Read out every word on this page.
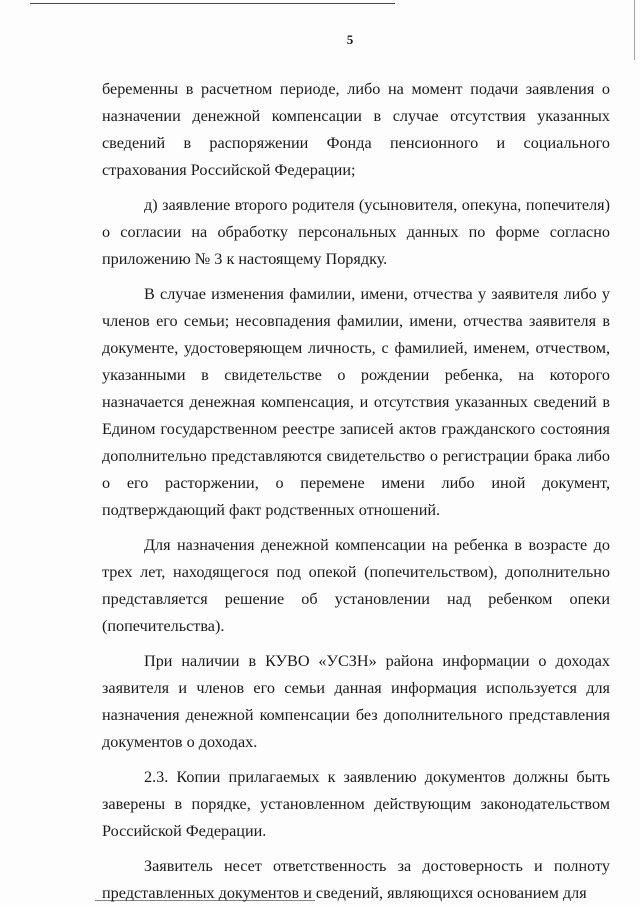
5

беременны в расчетном периоде, либо на момент подачи заявления о назначении денежной компенсации в случае отсутствия указанных сведений в распоряжении Фонда пенсионного и социального страхования Российской Федерации;

д) заявление второго родителя (усыновителя, опекуна, попечителя) о согласии на обработку персональных данных по форме согласно приложению № 3 к настоящему Порядку.

В случае изменения фамилии, имени, отчества у заявителя либо у членов его семьи; несовпадения фамилии, имени, отчества заявителя в документе, удостоверяющем личность, с фамилией, именем, отчеством, указанными в свидетельстве о рождении ребенка, на которого назначается денежная компенсация, и отсутствия указанных сведений в Едином государственном реестре записей актов гражданского состояния дополнительно представляются свидетельство о регистрации брака либо о его расторжении, о перемене имени либо иной документ, подтверждающий факт родственных отношений.

Для назначения денежной компенсации на ребенка в возрасте до трех лет, находящегося под опекой (попечительством), дополнительно представляется решение об установлении над ребенком опеки (попечительства).

При наличии в КУВО «УСЗН» района информации о доходах заявителя и членов его семьи данная информация используется для назначения денежной компенсации без дополнительного представления документов о доходах.

2.3. Копии прилагаемых к заявлению документов должны быть заверены в порядке, установленном действующим законодательством Российской Федерации.

Заявитель несет ответственность за достоверность и полноту представленных документов и сведений, являющихся основанием для
